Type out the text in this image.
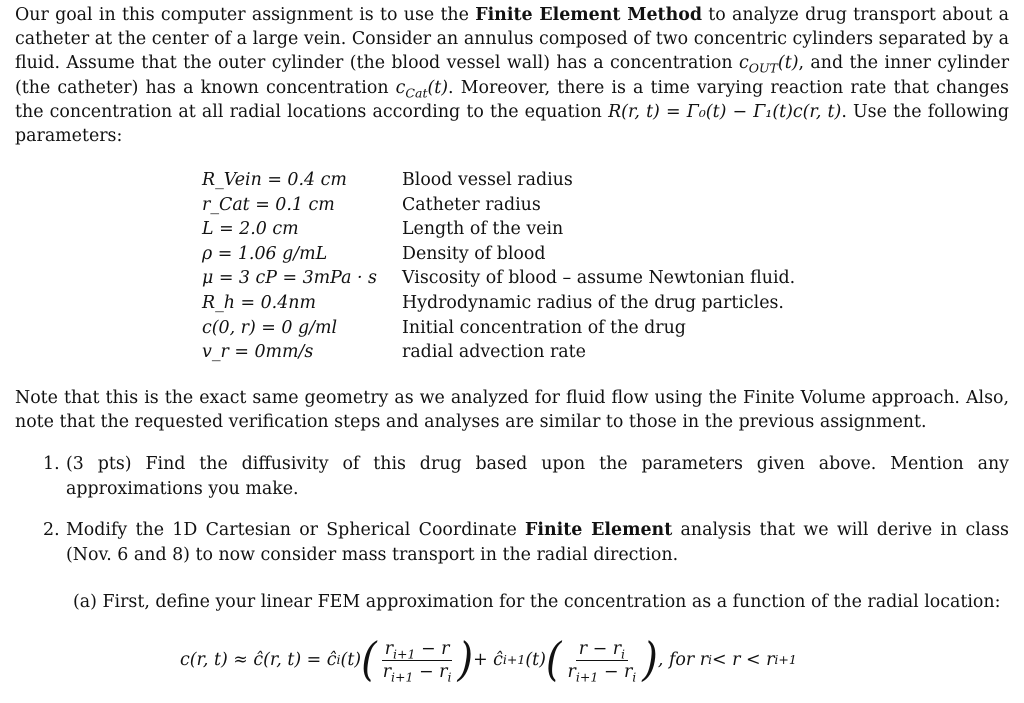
Our goal in this computer assignment is to use the Finite Element Method to analyze drug transport about a catheter at the center of a large vein. Consider an annulus composed of two concentric cylinders separated by a fluid. Assume that the outer cylinder (the blood vessel wall) has a concentration $c_{OUT}(t)$, and the inner cylinder (the catheter) has a known concentration $c_{Cat}(t)$. Moreover, there is a time varying reaction rate that changes the concentration at all radial locations according to the equation R(r, t) = Γ₀(t) − Γ₁(t)c(r, t). Use the following parameters:
R_Vein = 0.4 cm	Blood vessel radius
r_Cat = 0.1 cm	Catheter radius
L = 2.0 cm	Length of the vein
ρ = 1.06 g/mL	Density of blood
μ = 3 cP = 3mPa · s	Viscosity of blood – assume Newtonian fluid.
R_h = 0.4nm	Hydrodynamic radius of the drug particles.
c(0, r) = 0 g/ml	Initial concentration of the drug
v_r = 0mm/s	radial advection rate
Note that this is the exact same geometry as we analyzed for fluid flow using the Finite Volume approach. Also, note that the requested verification steps and analyses are similar to those in the previous assignment.
1. (3 pts) Find the diffusivity of this drug based upon the parameters given above. Mention any approximations you make.
2. Modify the 1D Cartesian or Spherical Coordinate Finite Element analysis that we will derive in class (Nov. 6 and 8) to now consider mass transport in the radial direction.
(a) First, define your linear FEM approximation for the concentration as a function of the radial location:
c(r, t) ≈ ĉ(r, t) = ĉ i (t) ( $\frac{r_{i+1} - r}{r_{i+1} - r_i}$ ) + ĉ i+1 (t) ( $\frac{r - r_i}{r_{i+1} - r_i}$ ) , for r i < r < r i+1
